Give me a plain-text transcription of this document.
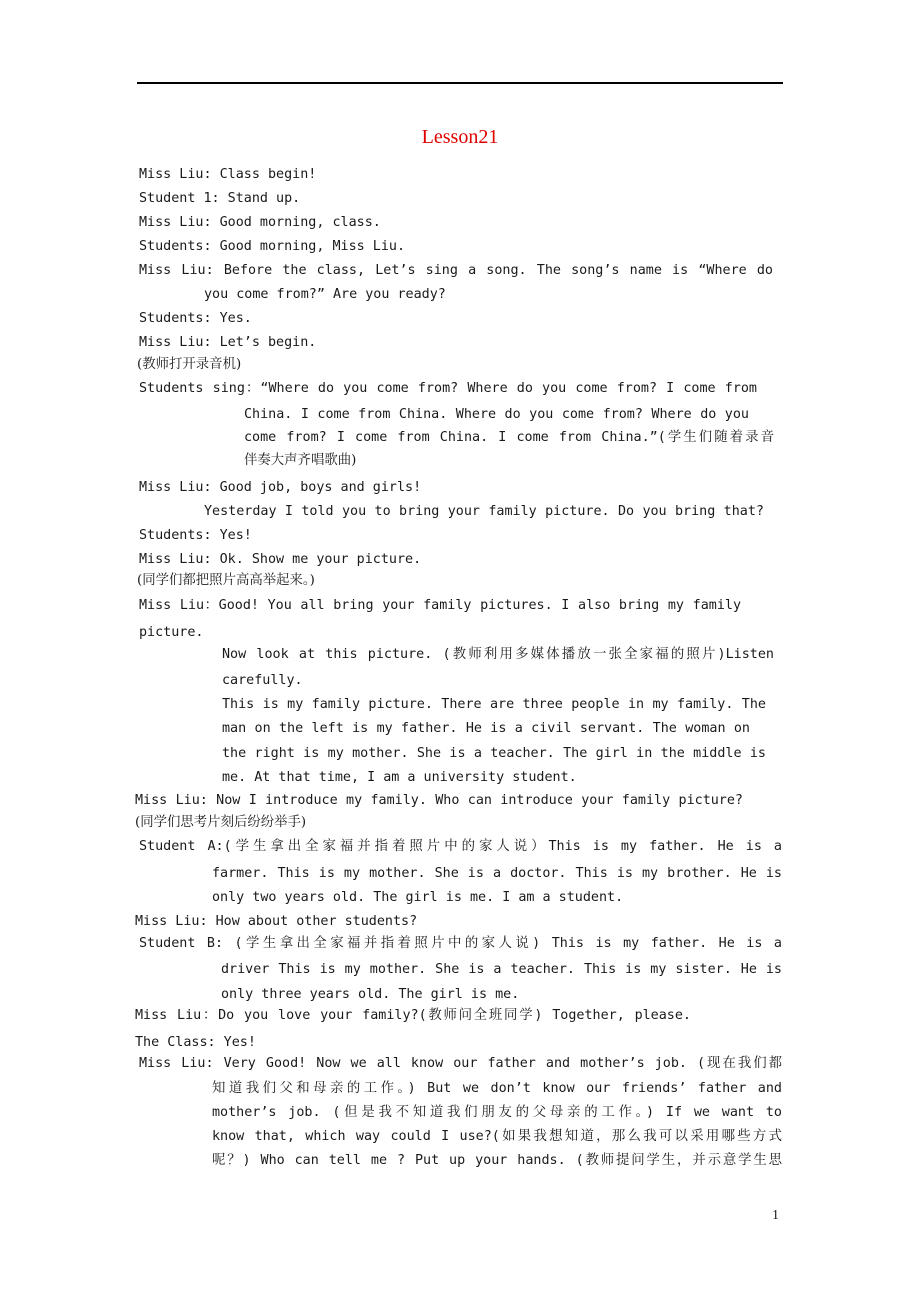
Lesson21
Miss Liu: Class begin!
Student 1: Stand up.
Miss Liu: Good morning, class.
Students: Good morning, Miss Liu.
Miss Liu: Before the class, Let’s sing a song. The song’s name is “Where do
you come from?” Are you ready?
Students: Yes.
Miss Liu: Let’s begin.
(教师打开录音机)
Students sing：“Where do you come from? Where do you come from? I come from
China. I come from China. Where do you come from? Where do you
come from? I come from China. I come from China.”(学生们随着录音
伴奏大声齐唱歌曲)
Miss Liu: Good job, boys and girls!
Yesterday I told you to bring your family picture. Do you bring that?
Students: Yes!
Miss Liu: Ok. Show me your picture.
(同学们都把照片高高举起来。)
Miss Liu：Good! You all bring your family pictures. I also bring my family
picture.
Now look at this picture. (教师利用多媒体播放一张全家福的照片)Listen
carefully.
This is my family picture. There are three people in my family. The
man on the left is my father. He is a civil servant. The woman on
the right is my mother. She is a teacher. The girl in the middle is
me. At that time, I am a university student.
Miss Liu: Now I introduce my family. Who can introduce your family picture?
(同学们思考片刻后纷纷举手)
Student A:(学生拿出全家福并指着照片中的家人说）This is my father. He is a
farmer. This is my mother. She is a doctor. This is my brother. He is
only two years old. The girl is me. I am a student.
Miss Liu: How about other students?
Student B: (学生拿出全家福并指着照片中的家人说) This is my father. He is a
driver This is my mother. She is a teacher. This is my sister. He is
only three years old. The girl is me.
Miss Liu：Do you love your family?(教师问全班同学) Together, please.
The Class: Yes!
Miss Liu: Very Good! Now we all know our father and mother’s job. (现在我们都
知道我们父和母亲的工作。) But we don’t know our friends’ father and
mother’s job. (但是我不知道我们朋友的父母亲的工作。) If we want to
know that, which way could I use?(如果我想知道，那么我可以采用哪些方式
呢？) Who can tell me ? Put up your hands. (教师提问学生，并示意学生思
1
